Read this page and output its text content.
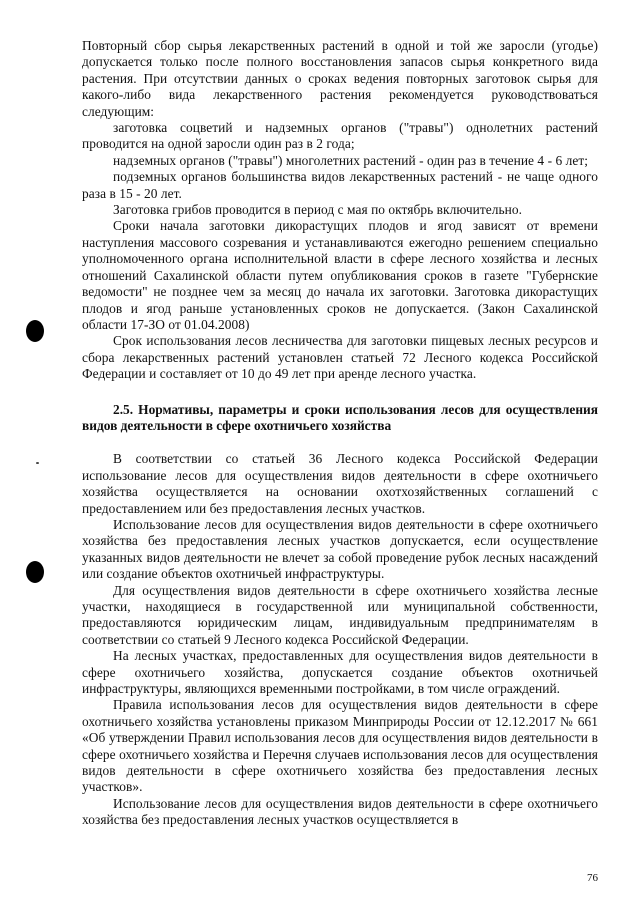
Повторный сбор сырья лекарственных растений в одной и той же заросли (угодье) допускается только после полного восстановления запасов сырья конкретного вида растения. При отсутствии данных о сроках ведения повторных заготовок сырья для какого-либо вида лекарственного растения рекомендуется руководствоваться следующим:

заготовка соцветий и надземных органов ("травы") однолетних растений проводится на одной заросли один раз в 2 года;

надземных органов ("травы") многолетних растений - один раз в течение 4 - 6 лет;

подземных органов большинства видов лекарственных растений - не чаще одного раза в 15 - 20 лет.

Заготовка грибов проводится в период с мая по октябрь включительно.

Сроки начала заготовки дикорастущих плодов и ягод зависят от времени наступления массового созревания и устанавливаются ежегодно решением специально уполномоченного органа исполнительной власти в сфере лесного хозяйства и лесных отношений Сахалинской области путем опубликования сроков в газете "Губернские ведомости" не позднее чем за месяц до начала их заготовки. Заготовка дикорастущих плодов и ягод раньше установленных сроков не допускается. (Закон Сахалинской области 17-ЗО от 01.04.2008)

Срок использования лесов лесничества для заготовки пищевых лесных ресурсов и сбора лекарственных растений установлен статьей 72 Лесного кодекса Российской Федерации и составляет от 10 до 49 лет при аренде лесного участка.

2.5. Нормативы, параметры и сроки использования лесов для осуществления видов деятельности в сфере охотничьего хозяйства

В соответствии со статьей 36 Лесного кодекса Российской Федерации использование лесов для осуществления видов деятельности в сфере охотничьего хозяйства осуществляется на основании охотхозяйственных соглашений с предоставлением или без предоставления лесных участков.

Использование лесов для осуществления видов деятельности в сфере охотничьего хозяйства без предоставления лесных участков допускается, если осуществление указанных видов деятельности не влечет за собой проведение рубок лесных насаждений или создание объектов охотничьей инфраструктуры.

Для осуществления видов деятельности в сфере охотничьего хозяйства лесные участки, находящиеся в государственной или муниципальной собственности, предоставляются юридическим лицам, индивидуальным предпринимателям в соответствии со статьей 9 Лесного кодекса Российской Федерации.

На лесных участках, предоставленных для осуществления видов деятельности в сфере охотничьего хозяйства, допускается создание объектов охотничьей инфраструктуры, являющихся временными постройками, в том числе ограждений.

Правила использования лесов для осуществления видов деятельности в сфере охотничьего хозяйства установлены приказом Минприроды России от 12.12.2017 № 661 «Об утверждении Правил использования лесов для осуществления видов деятельности в сфере охотничьего хозяйства и Перечня случаев использования лесов для осуществления видов деятельности в сфере охотничьего хозяйства без предоставления лесных участков».

Использование лесов для осуществления видов деятельности в сфере охотничьего хозяйства без предоставления лесных участков осуществляется в

76
